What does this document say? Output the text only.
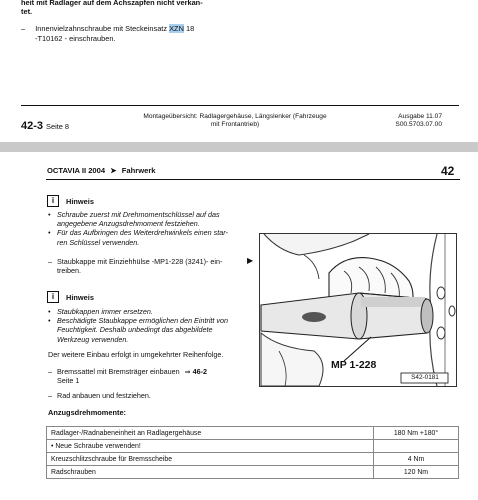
heit mit Radlager auf dem Achszapfen nicht verkan-
tet.
– Innenvielzahnschraube mit Steckeinsatz XZN 18
-T10162 - einschrauben.
42-3 Seite 8
Montageübersicht: Radlagergehäuse, Längslenker (Fahrzeuge
mit Frontantrieb)
Ausgabe 11.07
S00.5703.07.00
OCTAVIA II 2004 ➤ Fahrwerk	42
i	Hinweis
• Schraube zuerst mit Drehmomentschlüssel auf das
angegebene Anzugsdrehmoment festziehen.
• Für das Aufbringen des Weiterdrehwinkels einen star-
ren Schlüssel verwenden.
– Staubkappe mit Einziehhülse -MP1-228 (3241)- ein-
treiben.
▶
MP 1-228
S42-0181
i	Hinweis
• Staubkappen immer ersetzen.
• Beschädigte Staubkappe ermöglichen den Eintritt von
Feuchtigkeit. Deshalb unbedingt das abgebildete
Werkzeug verwenden.
Der weitere Einbau erfolgt in umgekehrter Reihenfolge.
– Bremssattel mit Bremsträger einbauen ⇒ 46-2
Seite 1
– Rad anbauen und festziehen.
Anzugsdrehmomente:
Radlager-/Radnabeneinheit an Radlagergehäuse	180 Nm +180°
• Neue Schraube verwenden!	
Kreuzschlitzschraube für Bremsscheibe	4 Nm
Radschrauben	120 Nm
